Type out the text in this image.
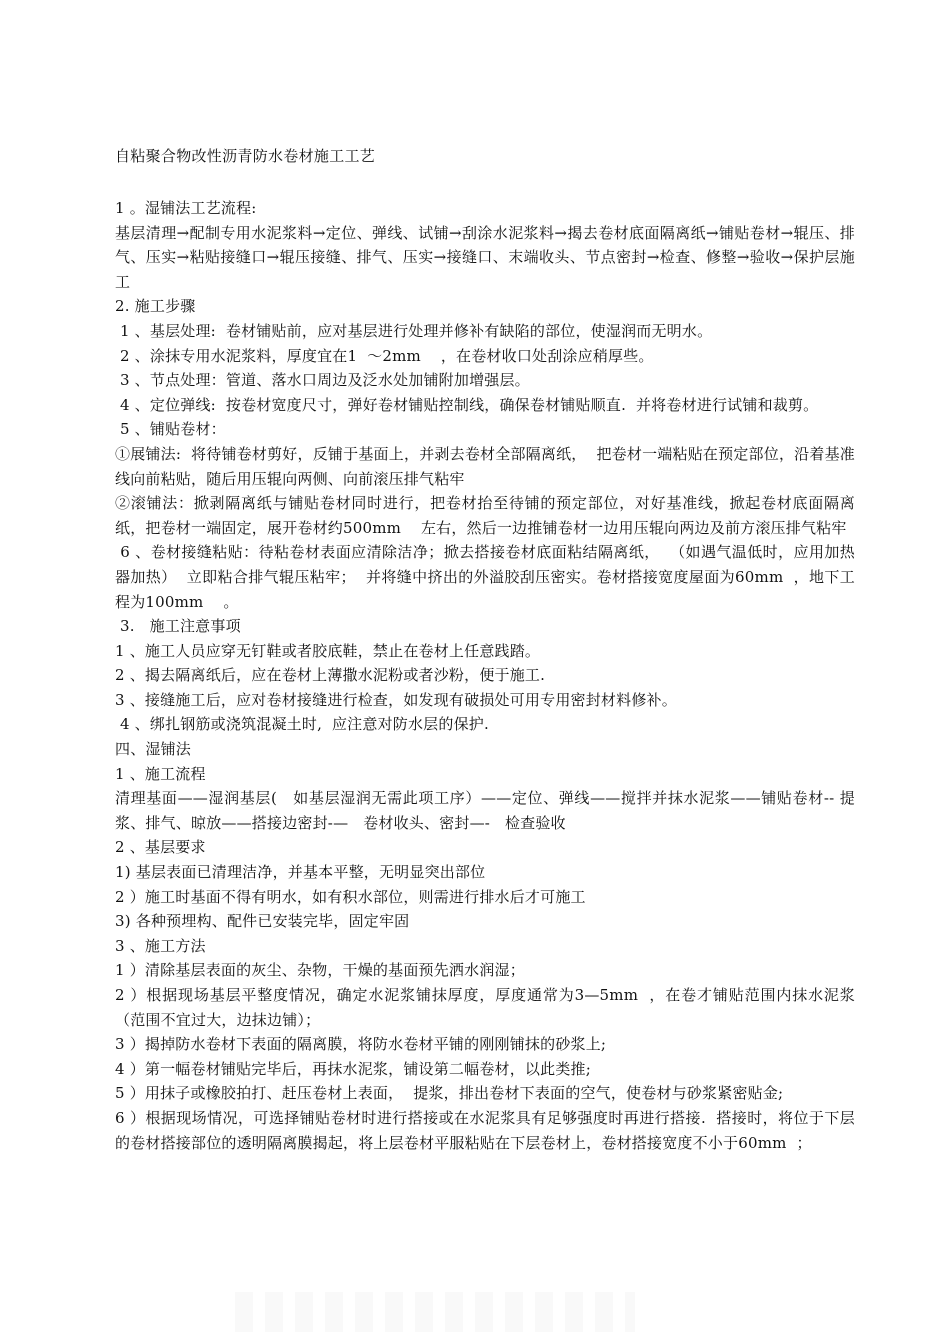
自粘聚合物改性沥青防水卷材施工工艺

1 。湿铺法工艺流程:

基层清理→配制专用水泥浆料→定位、弹线、试铺→刮涂水泥浆料→揭去卷材底面隔离纸→铺贴卷材→辊压、排气、压实→粘贴接缝口→辊压接缝、排气、压实→接缝口、末端收头、节点密封→检查、修整→验收→保护层施工

2. 施工步骤

1 、基层处理:  卷材铺贴前，应对基层进行处理并修补有缺陷的部位，使湿润而无明水。

2 、涂抹专用水泥浆料，厚度宜在1  ～2mm    ，在卷材收口处刮涂应稍厚些。

3 、节点处理：管道、落水口周边及泛水处加铺附加增强层。

4 、定位弹线:  按卷材宽度尺寸，弹好卷材铺贴控制线，确保卷材铺贴顺直.  并将卷材进行试铺和裁剪。

5 、铺贴卷材：

①展铺法:  将待铺卷材剪好，反铺于基面上，并剥去卷材全部隔离纸，  把卷材一端粘贴在预定部位，沿着基准线向前粘贴，随后用压辊向两侧、向前滚压排气粘牢

②滚铺法：掀剥隔离纸与铺贴卷材同时进行，把卷材抬至待铺的预定部位，对好基准线，掀起卷材底面隔离纸，把卷材一端固定，展开卷材约500mm    左右，然后一边推铺卷材一边用压辊向两边及前方滚压排气粘牢

6 、卷材接缝粘贴：待粘卷材表面应清除洁净；掀去搭接卷材底面粘结隔离纸，  （如遇气温低时，应用加热器加热）  立即粘合排气辊压粘牢；  并将缝中挤出的外溢胶刮压密实。卷材搭接宽度屋面为60mm  ，地下工程为100mm    。

3.   施工注意事项

1 、施工人员应穿无钉鞋或者胶底鞋，禁止在卷材上任意践踏。

2 、揭去隔离纸后，应在卷材上薄撒水泥粉或者沙粉，便于施工.

3 、接缝施工后，应对卷材接缝进行检查，如发现有破损处可用专用密封材料修补。

4 、绑扎钢筋或浇筑混凝土时,  应注意对防水层的保护.

四、湿铺法

1 、施工流程

清理基面——湿润基层(   如基层湿润无需此项工序）——定位、弹线——搅拌并抹水泥浆——铺贴卷材-- 提浆、排气、晾放——搭接边密封-—   卷材收头、密封—-   检查验收

2 、基层要求

1) 基层表面已清理洁净，并基本平整，无明显突出部位

2 ）施工时基面不得有明水，如有积水部位，则需进行排水后才可施工

3) 各种预埋构、配件已安装完毕，固定牢固

3 、施工方法

1 ）清除基层表面的灰尘、杂物，干燥的基面预先洒水润湿；

2 ）根据现场基层平整度情况，确定水泥浆铺抹厚度，厚度通常为3—5mm  ，在卷才铺贴范围内抹水泥浆（范围不宜过大，边抹边铺）；

3 ）揭掉防水卷材下表面的隔离膜，将防水卷材平铺的刚刚铺抹的砂浆上;

4 ）第一幅卷材铺贴完毕后，再抹水泥浆，铺设第二幅卷材，以此类推;

5 ）用抹子或橡胶拍打、赶压卷材上表面，  提浆，排出卷材下表面的空气，使卷材与砂浆紧密贴金;

6 ）根据现场情况，可选择铺贴卷材时进行搭接或在水泥浆具有足够强度时再进行搭接.  搭接时，将位于下层的卷材搭接部位的透明隔离膜揭起，将上层卷材平服粘贴在下层卷材上，卷材搭接宽度不小于60mm  ；
